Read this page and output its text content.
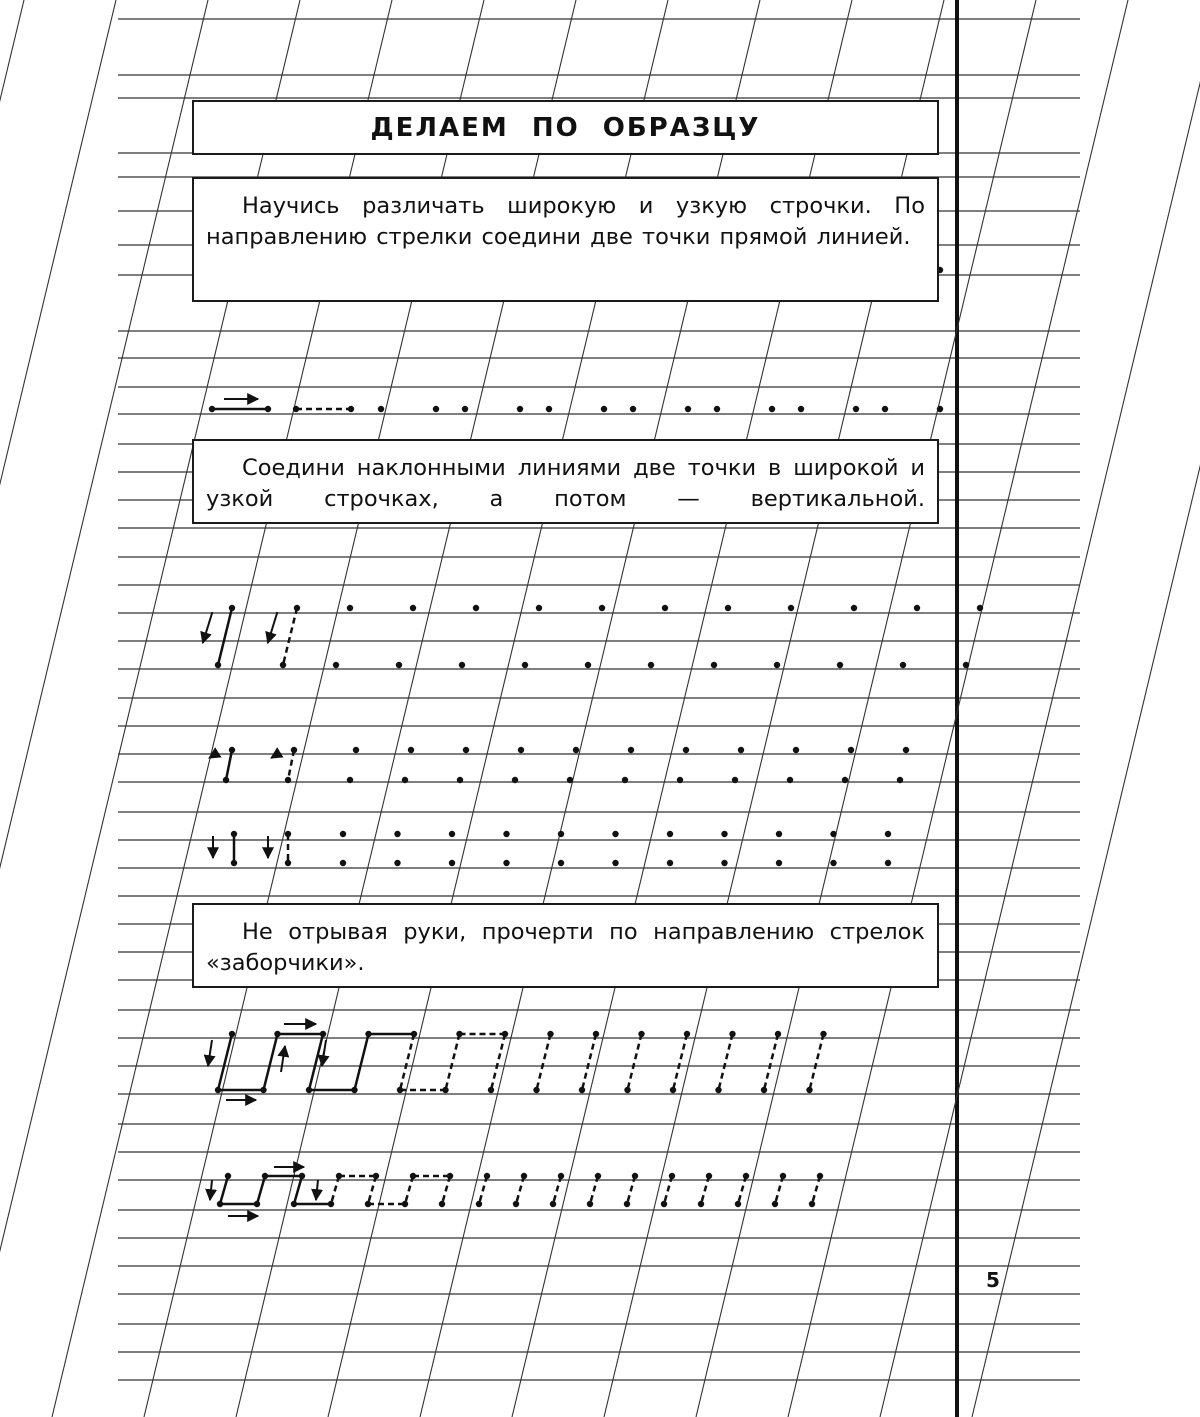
ДЕЛАЕМ ПО ОБРАЗЦУ
Научись различать широкую и узкую строчки. По направлению стрелки соедини две точки прямой линией.
Соедини наклонными линиями две точки в широкой и узкой строчках, а потом — вертикальной.
Не отрывая руки, прочерти по направлению стрелок «заборчики».
5
